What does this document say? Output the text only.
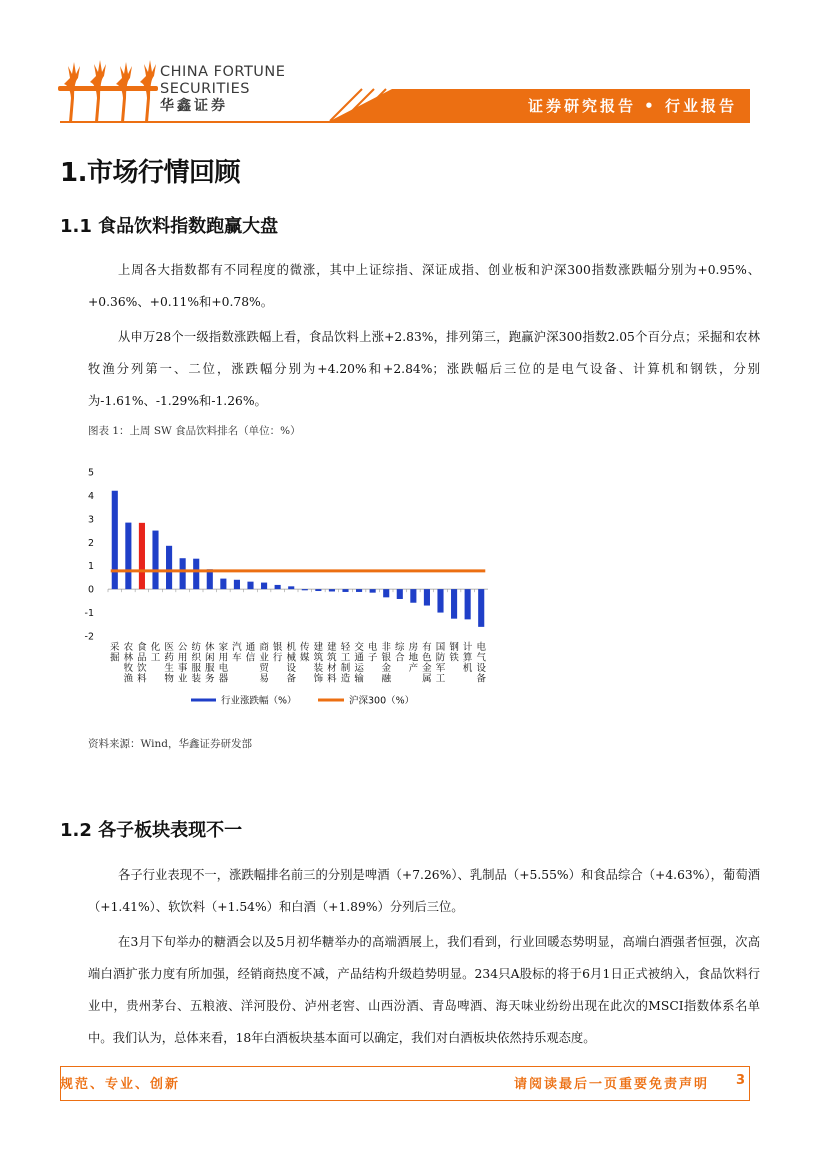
CHINA FORTUNE
SECURITIES
华鑫证券	证券研究报告 • 行业报告
1.市场行情回顾
1.1 食品饮料指数跑赢大盘

上周各大指数都有不同程度的微涨，其中上证综指、深证成指、创业板和沪深300指数涨跌幅分别为+0.95%、+0.36%、+0.11%和+0.78%。

从申万28个一级指数涨跌幅上看，食品饮料上涨+2.83%，排列第三，跑赢沪深300指数2.05个百分点；采掘和农林牧渔分列第一、二位，涨跌幅分别为+4.20%和+2.84%；涨跌幅后三位的是电气设备、计算机和钢铁，分别为-1.61%、-1.29%和-1.26%。

图表 1：上周 SW 食品饮料排名（单位：%）
-2
-1
0
1
2
3
4
5
采
掘
农
林
牧
渔
食
品
饮
料
化
工
医
药
生
物
公
用
事
业
纺
织
服
装
休
闲
服
务
家
用
电
器
汽
车
通
信
商
业
贸
易
银
行
机
械
设
备
传
媒
建
筑
装
饰
建
筑
材
料
轻
工
制
造
交
通
运
输
电
子
非
银
金
融
综
合
房
地
产
有
色
金
属
国
防
军
工
钢
铁
计
算
机
电
气
设
备
行业涨跌幅（%）	沪深300（%）
资料来源：Wind，华鑫证券研发部
1.2 各子板块表现不一

各子行业表现不一，涨跌幅排名前三的分别是啤酒（+7.26%）、乳制品（+5.55%）和食品综合（+4.63%），葡萄酒（+1.41%）、软饮料（+1.54%）和白酒（+1.89%）分列后三位。

在3月下旬举办的糖酒会以及5月初华糖举办的高端酒展上，我们看到，行业回暖态势明显，高端白酒强者恒强，次高端白酒扩张力度有所加强，经销商热度不减，产品结构升级趋势明显。234只A股标的将于6月1日正式被纳入，食品饮料行业中，贵州茅台、五粮液、洋河股份、泸州老窖、山西汾酒、青岛啤酒、海天味业纷纷出现在此次的MSCI指数体系名单中。我们认为，总体来看，18年白酒板块基本面可以确定，我们对白酒板块依然持乐观态度。

规范、专业、创新	请阅读最后一页重要免责声明 3
